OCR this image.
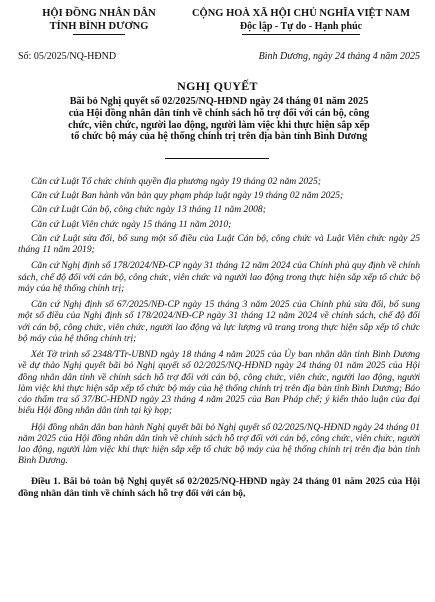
HỘI ĐỒNG NHÂN DÂN
TỈNH BÌNH DƯƠNG
CỘNG HOÀ XÃ HỘI CHỦ NGHĨA VIỆT NAM
Độc lập - Tự do - Hạnh phúc
Số: 05/2025/NQ-HĐND	Bình Dương, ngày 24 tháng 4 năm 2025
NGHỊ QUYẾT
Bãi bỏ Nghị quyết số 02/2025/NQ-HĐND ngày 24 tháng 01 năm 2025 của Hội đồng nhân dân tỉnh về chính sách hỗ trợ đối với cán bộ, công chức, viên chức, người lao động, người làm việc khi thực hiện sắp xếp tổ chức bộ máy của hệ thống chính trị trên địa bàn tỉnh Bình Dương

Căn cứ Luật Tổ chức chính quyền địa phương ngày 19 tháng 02 năm 2025;

Căn cứ Luật Ban hành văn bản quy phạm pháp luật ngày 19 tháng 02 năm 2025;

Căn cứ Luật Cán bộ, công chức ngày 13 tháng 11 năm 2008;

Căn cứ Luật Viên chức ngày 15 tháng 11 năm 2010;

Căn cứ Luật sửa đổi, bổ sung một số điều của Luật Cán bộ, công chức và Luật Viên chức ngày 25 tháng 11 năm 2019;

Căn cứ Nghị định số 178/2024/NĐ-CP ngày 31 tháng 12 năm 2024 của Chính phủ quy định về chính sách, chế độ đối với cán bộ, công chức, viên chức và người lao động trong thực hiện sắp xếp tổ chức bộ máy của hệ thống chính trị;

Căn cứ Nghị định số 67/2025/NĐ-CP ngày 15 tháng 3 năm 2025 của Chính phủ sửa đổi, bổ sung một số điều của Nghị định số 178/2024/NĐ-CP ngày 31 tháng 12 năm 2024 về chính sách, chế độ đối với cán bộ, công chức, viên chức, người lao động và lực lượng vũ trang trong thực hiện sắp xếp tổ chức bộ máy của hệ thống chính trị;

Xét Tờ trình số 2348/TTr-UBND ngày 18 tháng 4 năm 2025 của Ủy ban nhân dân tỉnh Bình Dương về dự thảo Nghị quyết bãi bỏ Nghị quyết số 02/2025/NQ-HĐND ngày 24 tháng 01 năm 2025 của Hội đồng nhân dân tỉnh về chính sách hỗ trợ đối với cán bộ, công chức, viên chức, người lao động, người làm việc khi thực hiện sắp xếp tổ chức bộ máy của hệ thống chính trị trên địa bàn tỉnh Bình Dương; Báo cáo thẩm tra số 37/BC-HĐND ngày 23 tháng 4 năm 2025 của Ban Pháp chế; ý kiến thảo luận của đại biểu Hội đồng nhân dân tỉnh tại kỳ họp;

Hội đồng nhân dân ban hành Nghị quyết bãi bỏ Nghị quyết số 02/2025/NQ-HĐND ngày 24 tháng 01 năm 2025 của Hội đồng nhân dân tỉnh về chính sách hỗ trợ đối với cán bộ, công chức, viên chức, người lao động, người làm việc khi thực hiện sắp xếp tổ chức bộ máy của hệ thống chính trị trên địa bàn tỉnh Bình Dương.

Điều 1. Bãi bỏ toàn bộ Nghị quyết số 02/2025/NQ-HĐND ngày 24 tháng 01 năm 2025 của Hội đồng nhân dân tỉnh về chính sách hỗ trợ đối với cán bộ,
